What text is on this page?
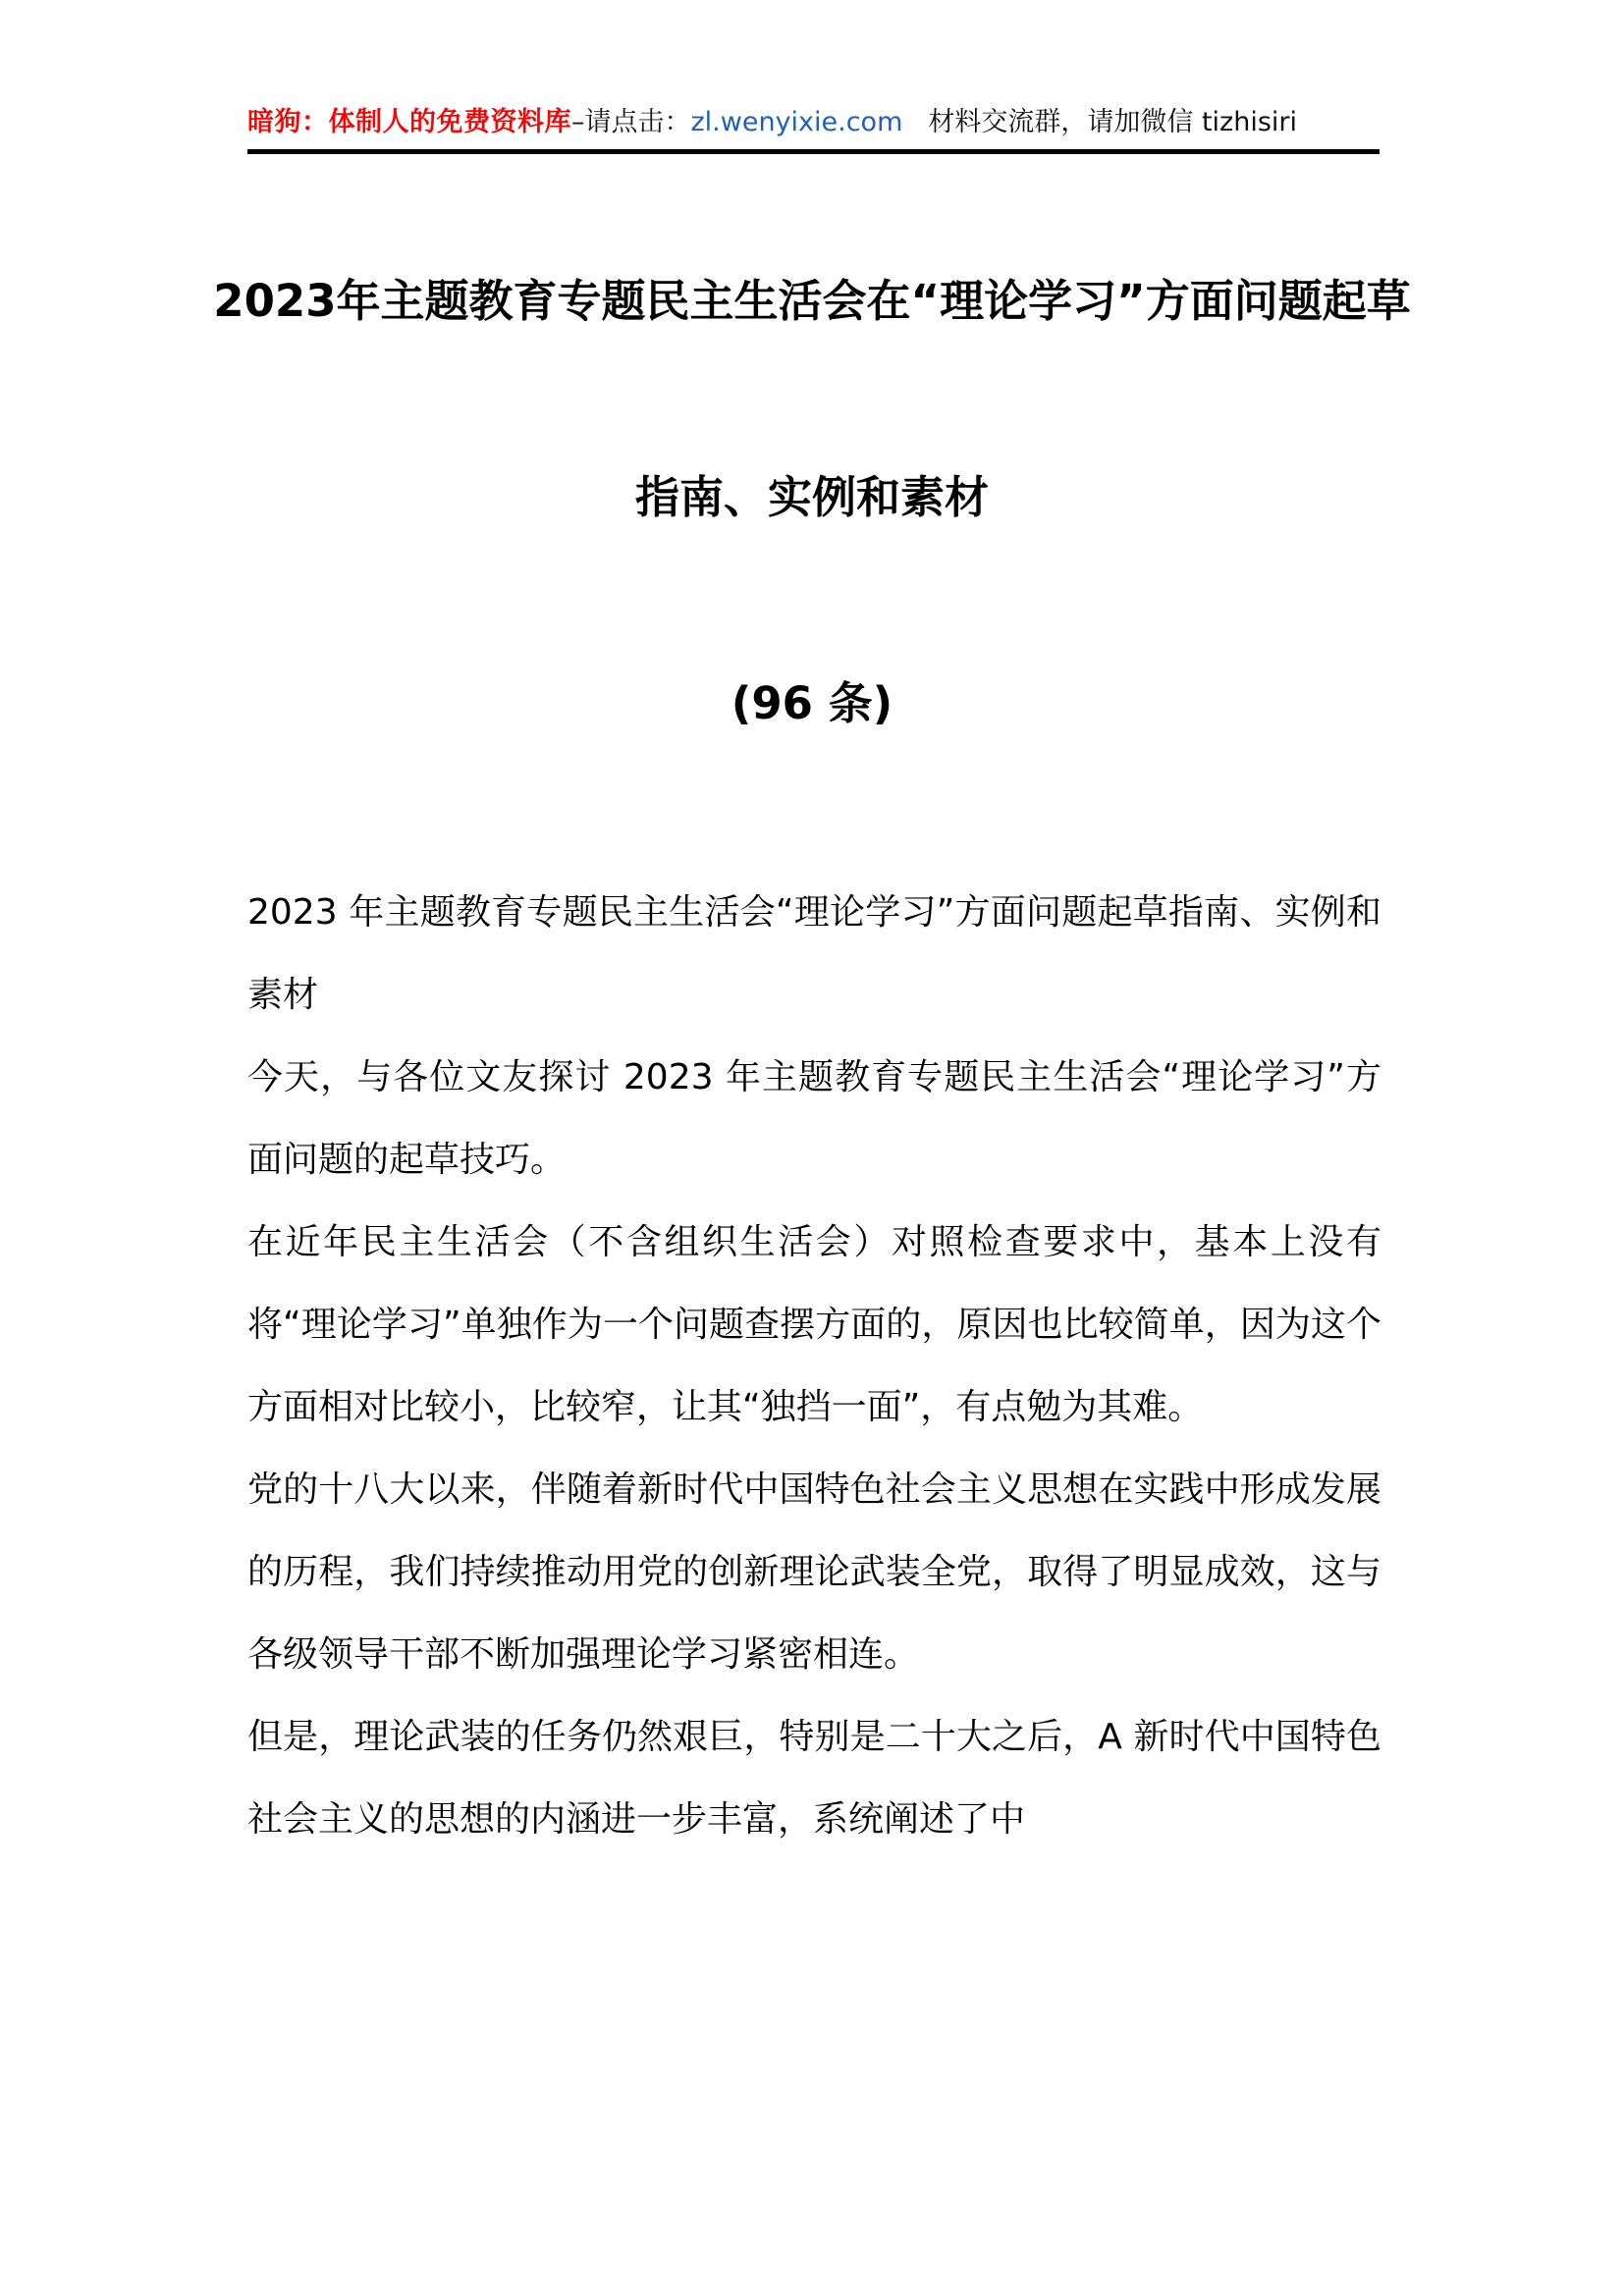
暗狗：体制人的免费资料库–请点击：zl.wenyixie.com 材料交流群，请加微信 tizhisiri
2023年主题教育专题民主生活会在“理论学习”方面问题起草
指南、实例和素材
(96 条)

2023 年主题教育专题民主生活会“理论学习”方面问题起草指南、实例和素材

今天，与各位文友探讨 2023 年主题教育专题民主生活会“理论学习”方面问题的起草技巧。

在近年民主生活会（不含组织生活会）对照检查要求中，基本上没有将“理论学习”单独作为一个问题查摆方面的，原因也比较简单，因为这个方面相对比较小，比较窄，让其“独挡一面”，有点勉为其难。

党的十八大以来，伴随着新时代中国特色社会主义思想在实践中形成发展的历程，我们持续推动用党的创新理论武装全党，取得了明显成效，这与各级领导干部不断加强理论学习紧密相连。

但是，理论武装的任务仍然艰巨，特别是二十大之后，A 新时代中国特色社会主义的思想的内涵进一步丰富，系统阐述了中
